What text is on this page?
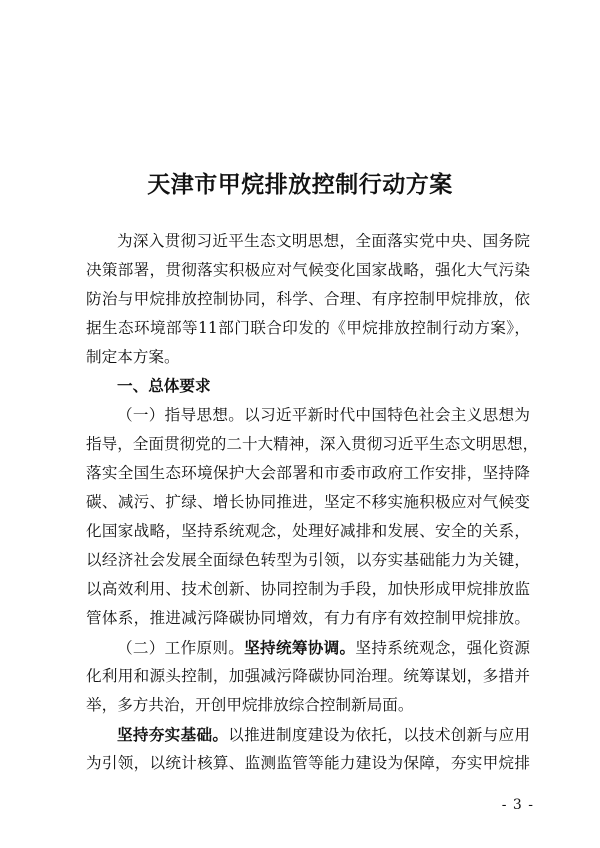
天津市甲烷排放控制行动方案
为深入贯彻习近平生态文明思想，全面落实党中央、国务院
决策部署，贯彻落实积极应对气候变化国家战略，强化大气污染
防治与甲烷排放控制协同，科学、合理、有序控制甲烷排放，依
据生态环境部等11部门联合印发的《甲烷排放控制行动方案》，
制定本方案。
一、总体要求
（一）指导思想。以习近平新时代中国特色社会主义思想为
指导，全面贯彻党的二十大精神，深入贯彻习近平生态文明思想，
落实全国生态环境保护大会部署和市委市政府工作安排，坚持降
碳、减污、扩绿、增长协同推进，坚定不移实施积极应对气候变
化国家战略，坚持系统观念，处理好减排和发展、安全的关系，
以经济社会发展全面绿色转型为引领，以夯实基础能力为关键，
以高效利用、技术创新、协同控制为手段，加快形成甲烷排放监
管体系，推进减污降碳协同增效，有力有序有效控制甲烷排放。
（二）工作原则。坚持统筹协调。坚持系统观念，强化资源
化利用和源头控制，加强减污降碳协同治理。统筹谋划，多措并
举，多方共治，开创甲烷排放综合控制新局面。
坚持夯实基础。以推进制度建设为依托，以技术创新与应用
为引领，以统计核算、监测监管等能力建设为保障，夯实甲烷排
- 3 -
